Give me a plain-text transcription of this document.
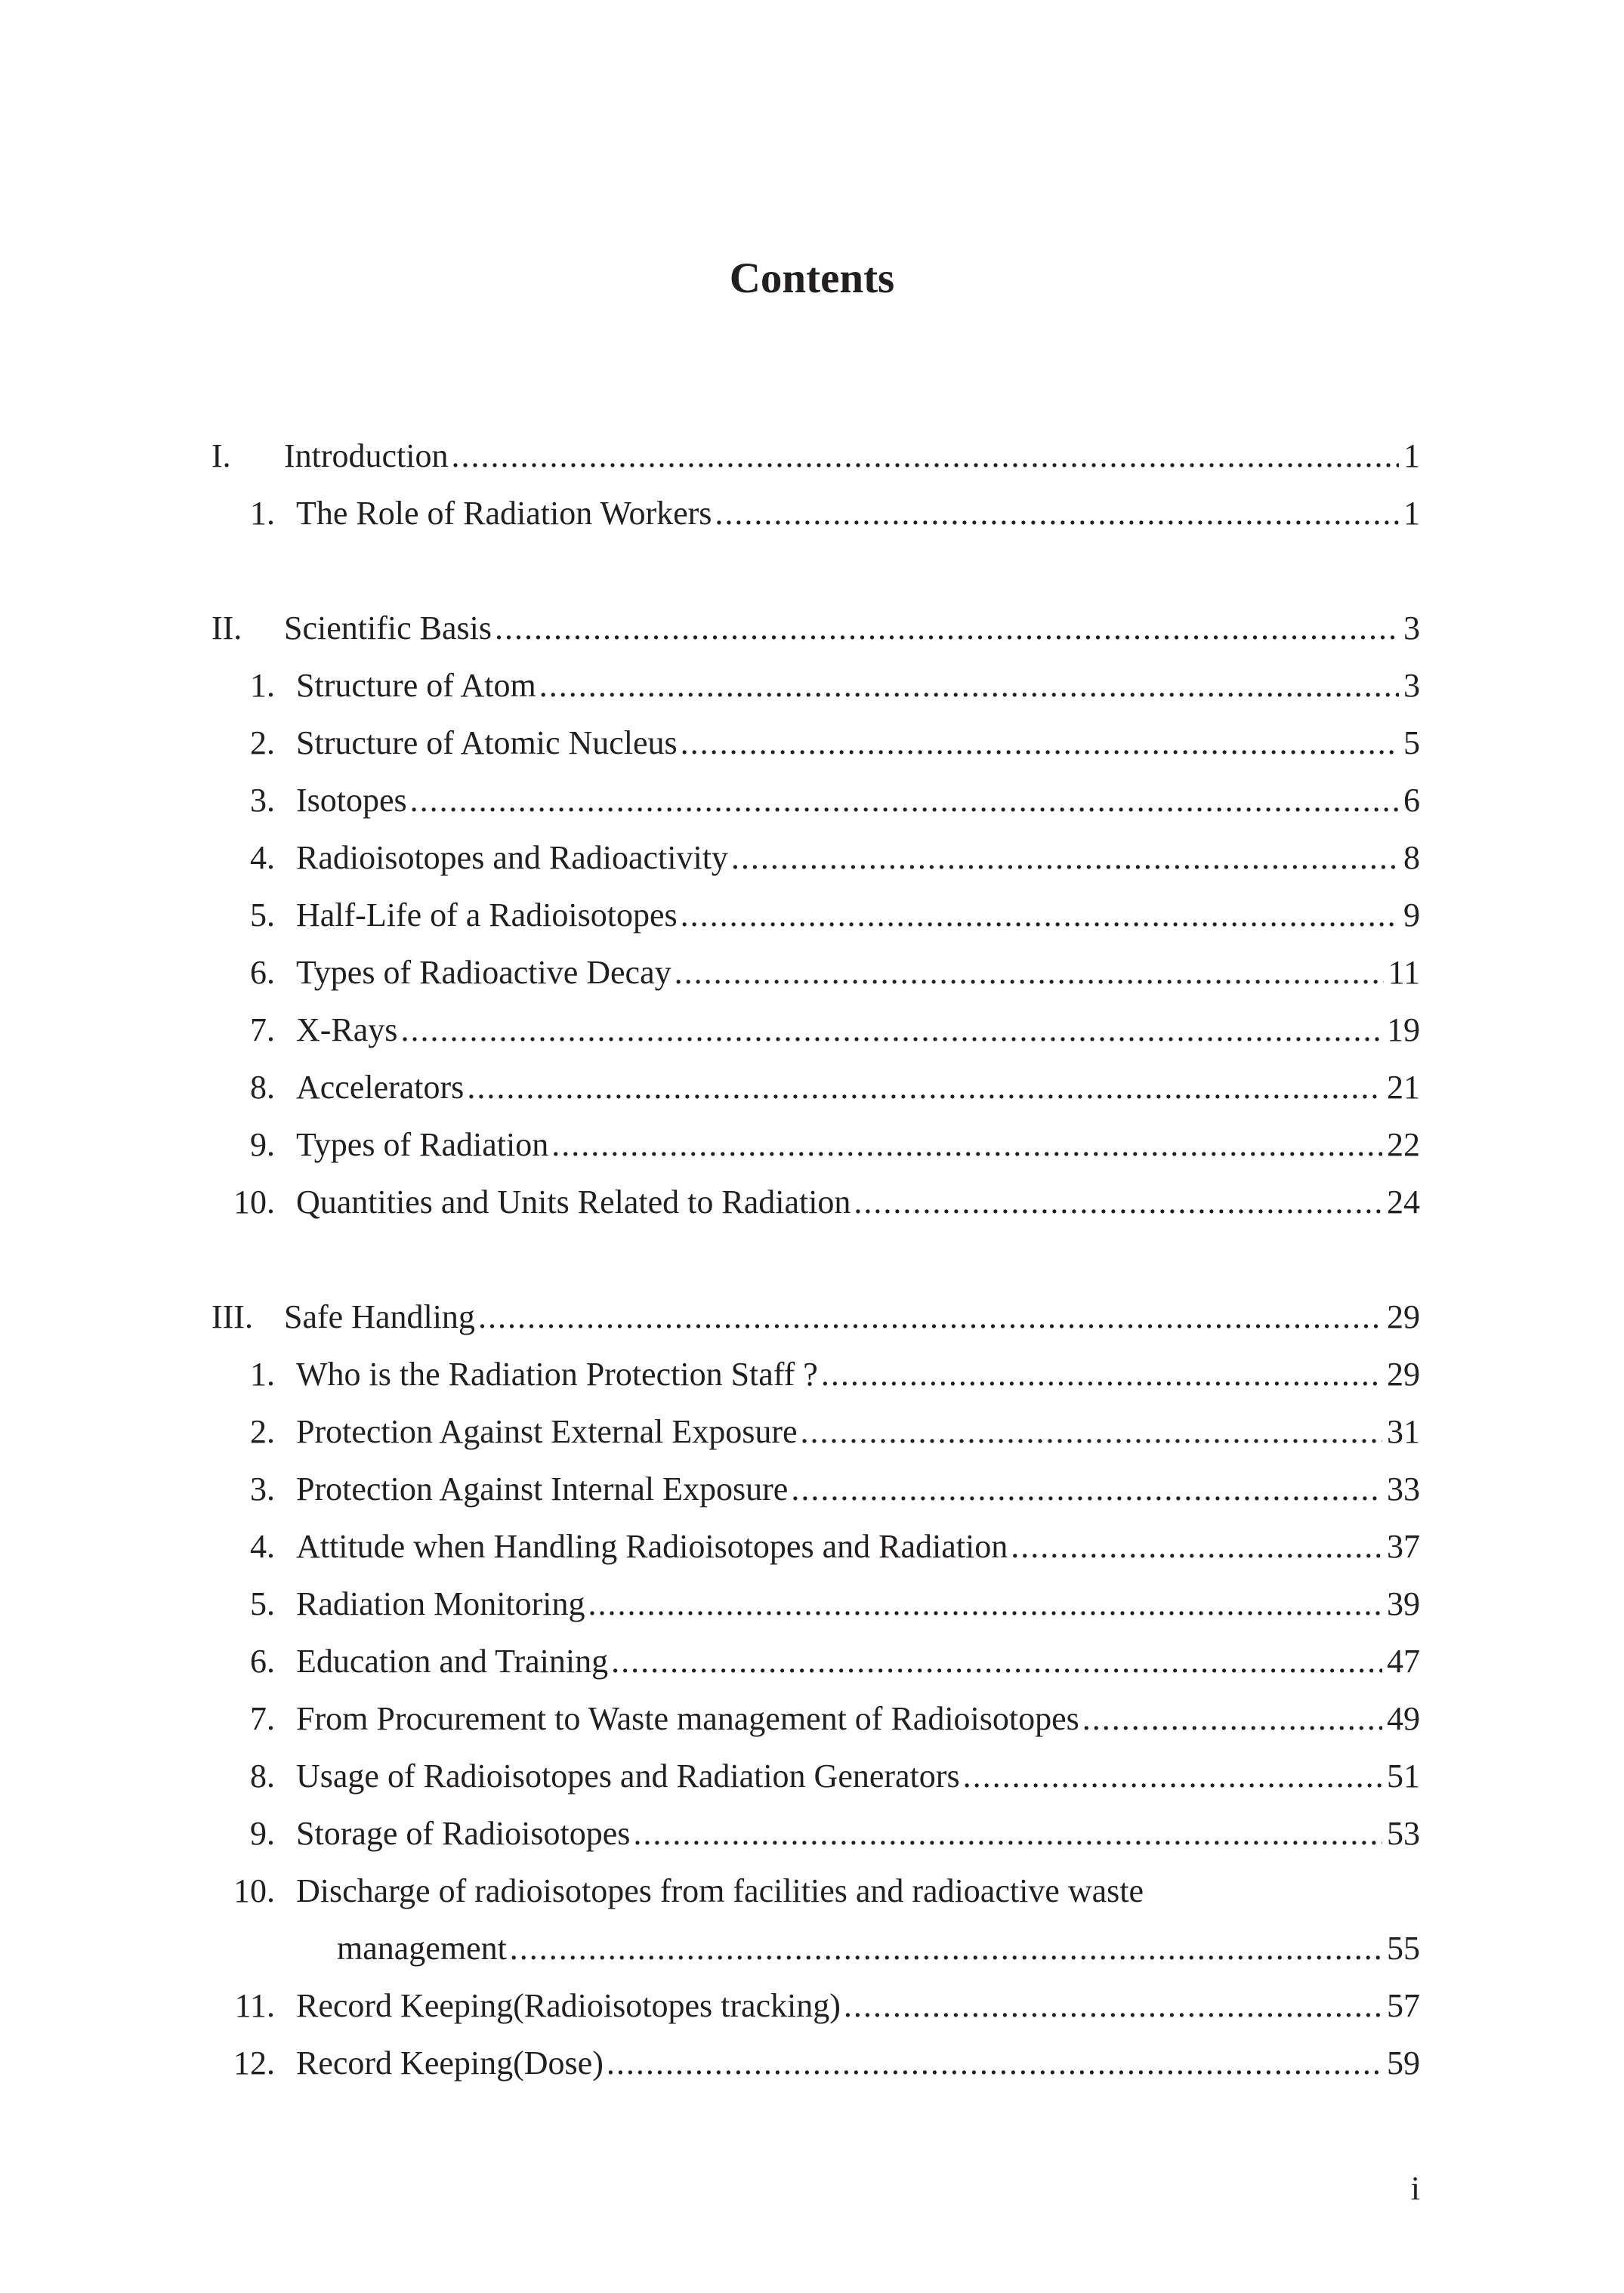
Contents
I.	Introduction .....	1
1. The Role of Radiation Workers .....	1
II.	Scientific Basis .....	3
1. Structure of Atom .....	3
2. Structure of Atomic Nucleus .....	5
3. Isotopes .....	6
4. Radioisotopes and Radioactivity .....	8
5. Half-Life of a Radioisotopes .....	9
6. Types of Radioactive Decay .....	11
7. X-Rays .....	19
8. Accelerators .....	21
9. Types of Radiation .....	22
10. Quantities and Units Related to Radiation .....	24
III. Safe Handling .....	29
1. Who is the Radiation Protection Staff ? .....	29
2. Protection Against External Exposure .....	31
3. Protection Against Internal Exposure .....	33
4. Attitude when Handling Radioisotopes and Radiation .....	37
5. Radiation Monitoring .....	39
6. Education and Training .....	47
7. From Procurement to Waste management of Radioisotopes .....	49
8. Usage of Radioisotopes and Radiation Generators .....	51
9. Storage of Radioisotopes .....	53
10. Discharge of radioisotopes from facilities and radioactive waste
management .....	55
11. Record Keeping(Radioisotopes tracking) .....	57
12. Record Keeping(Dose) .....	59
i
